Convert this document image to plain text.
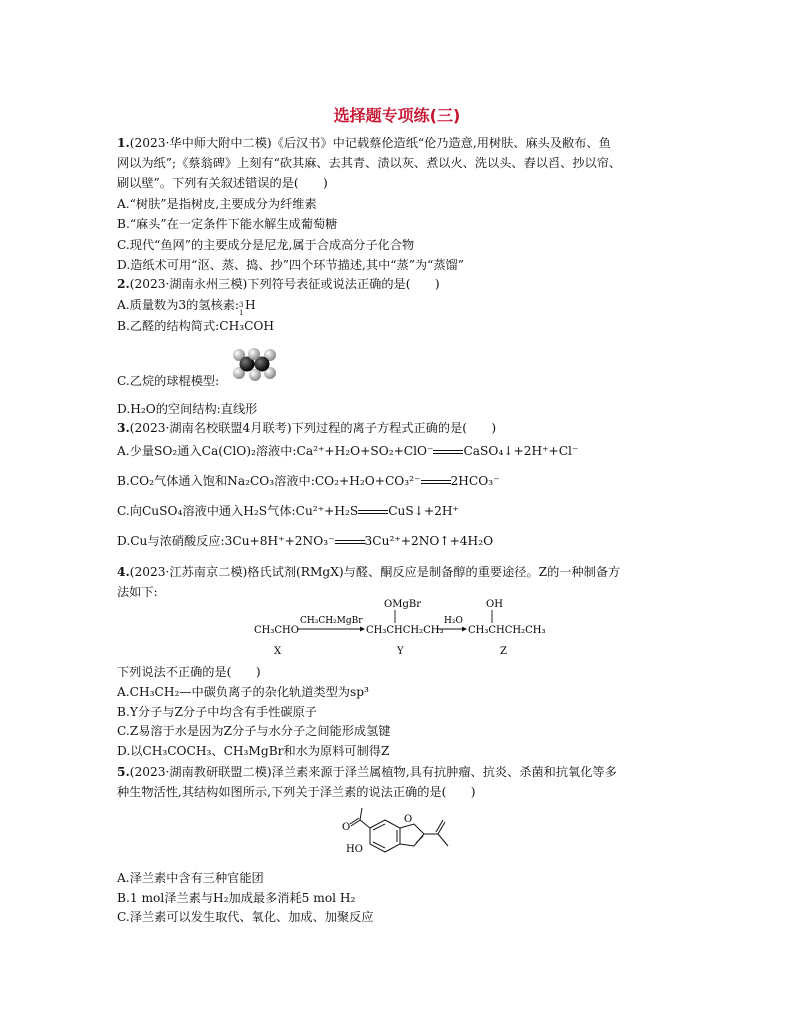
选择题专项练(三)
1.(2023·华中师大附中二模)《后汉书》中记载蔡伦造纸“伦乃造意,用树肤、麻头及敝布、鱼
网以为纸”;《蔡翁碑》上刻有“砍其麻、去其青、渍以灰、煮以火、洗以头、舂以舀、抄以帘、
刷以壁”。下列有关叙述错误的是(　　)
A.“树肤”是指树皮,主要成分为纤维素
B.“麻头”在一定条件下能水解生成葡萄糖
C.现代“鱼网”的主要成分是尼龙,属于合成高分子化合物
D.造纸术可用“沤、蒸、捣、抄”四个环节描述,其中“蒸”为“蒸馏”
2.(2023·湖南永州三模)下列符号表征或说法正确的是(　　)
A.质量数为3的氢核素: 3
1
H
B.乙醛的结构简式:CH₃COH
C.乙烷的球棍模型:
D.H₂O的空间结构:直线形
3.(2023·湖南名校联盟4月联考)下列过程的离子方程式正确的是(　　)
A.少量SO₂通入Ca(ClO)₂溶液中:Ca²⁺+H₂O+SO₂+ClO⁻ CaSO₄↓+2H⁺+Cl⁻
B.CO₂气体通入饱和Na₂CO₃溶液中:CO₂+H₂O+CO₃²⁻ 2HCO₃⁻
C.向CuSO₄溶液中通入H₂S气体:Cu²⁺+H₂S CuS↓+2H⁺
D.Cu与浓硝酸反应:3Cu+8H⁺+2NO₃⁻ 3Cu²⁺+2NO↑+4H₂O
4.(2023·江苏南京二模)格氏试剂(RMgX)与醛、酮反应是制备醇的重要途径。Z的一种制备方
法如下:
CH₃CHO
X
CH₃CH₂MgBr
OMgBr
CH₃CHCH₂CH₃
Y
H₂O
OH
CH₃CHCH₂CH₃
Z
下列说法不正确的是(　　)
A.CH₃CH₂—中碳负离子的杂化轨道类型为sp³
B.Y分子与Z分子中均含有手性碳原子
C.Z易溶于水是因为Z分子与水分子之间能形成氢键
D.以CH₃COCH₃、CH₃MgBr和水为原料可制得Z
5.(2023·湖南教研联盟二模)泽兰素来源于泽兰属植物,具有抗肿瘤、抗炎、杀菌和抗氧化等多
种生物活性,其结构如图所示,下列关于泽兰素的说法正确的是(　　)
O
HO
O
A.泽兰素中含有三种官能团
B.1 mol泽兰素与H₂加成最多消耗5 mol H₂
C.泽兰素可以发生取代、氧化、加成、加聚反应
